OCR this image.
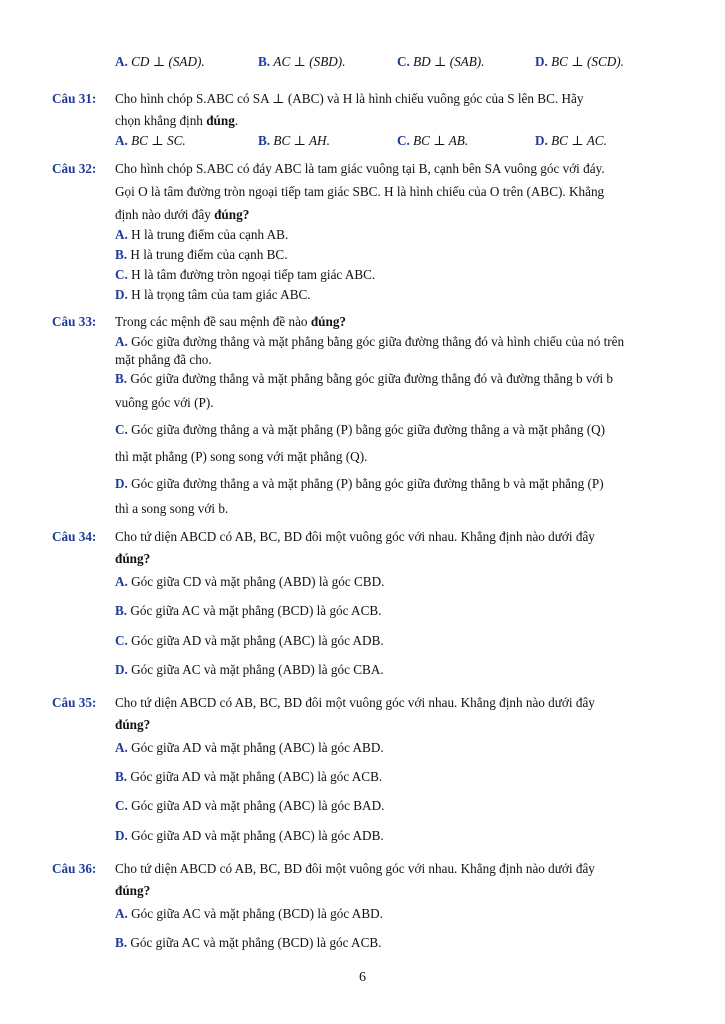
A. CD ⊥ (SAD).	B. AC ⊥ (SBD).	C. BD ⊥ (SAB).	D. BC ⊥ (SCD).
Câu 31: Cho hình chóp S.ABC có SA ⊥ (ABC) và H là hình chiếu vuông góc của S lên BC. Hãy
chọn khẳng định đúng.
A. BC ⊥ SC.	B. BC ⊥ AH.	C. BC ⊥ AB.	D. BC ⊥ AC.
Câu 32: Cho hình chóp S.ABC có đáy ABC là tam giác vuông tại B, cạnh bên SA vuông góc với đáy.
Gọi O là tâm đường tròn ngoại tiếp tam giác SBC. H là hình chiếu của O trên (ABC). Khẳng
định nào dưới đây đúng?
A. H là trung điểm của cạnh AB.
B. H là trung điểm của cạnh BC.
C. H là tâm đường tròn ngoại tiếp tam giác ABC.
D. H là trọng tâm của tam giác ABC.
Câu 33: Trong các mệnh đề sau mệnh đề nào đúng?
A. Góc giữa đường thẳng và mặt phẳng bằng góc giữa đường thẳng đó và hình chiếu của nó trên
mặt phẳng đã cho.
B. Góc giữa đường thẳng và mặt phẳng bằng góc giữa đường thẳng đó và đường thẳng b với b
vuông góc với (P).
C. Góc giữa đường thẳng a và mặt phẳng (P) bằng góc giữa đường thẳng a và mặt phẳng (Q)
thì mặt phẳng (P) song song với mặt phẳng (Q).
D. Góc giữa đường thẳng a và mặt phẳng (P) bằng góc giữa đường thẳng b và mặt phẳng (P)
thì a song song với b.
Câu 34: Cho tứ diện ABCD có AB, BC, BD đôi một vuông góc với nhau. Khẳng định nào dưới đây
đúng?
A. Góc giữa CD và mặt phẳng (ABD) là góc CBD.
B. Góc giữa AC và mặt phẳng (BCD) là góc ACB.
C. Góc giữa AD và mặt phẳng (ABC) là góc ADB.
D. Góc giữa AC và mặt phẳng (ABD) là góc CBA.
Câu 35: Cho tứ diện ABCD có AB, BC, BD đôi một vuông góc với nhau. Khẳng định nào dưới đây
đúng?
A. Góc giữa AD và mặt phẳng (ABC) là góc ABD.
B. Góc giữa AD và mặt phẳng (ABC) là góc ACB.
C. Góc giữa AD và mặt phẳng (ABC) là góc BAD.
D. Góc giữa AD và mặt phẳng (ABC) là góc ADB.
Câu 36: Cho tứ diện ABCD có AB, BC, BD đôi một vuông góc với nhau. Khẳng định nào dưới đây
đúng?
A. Góc giữa AC và mặt phẳng (BCD) là góc ABD.
B. Góc giữa AC và mặt phẳng (BCD) là góc ACB.
6
